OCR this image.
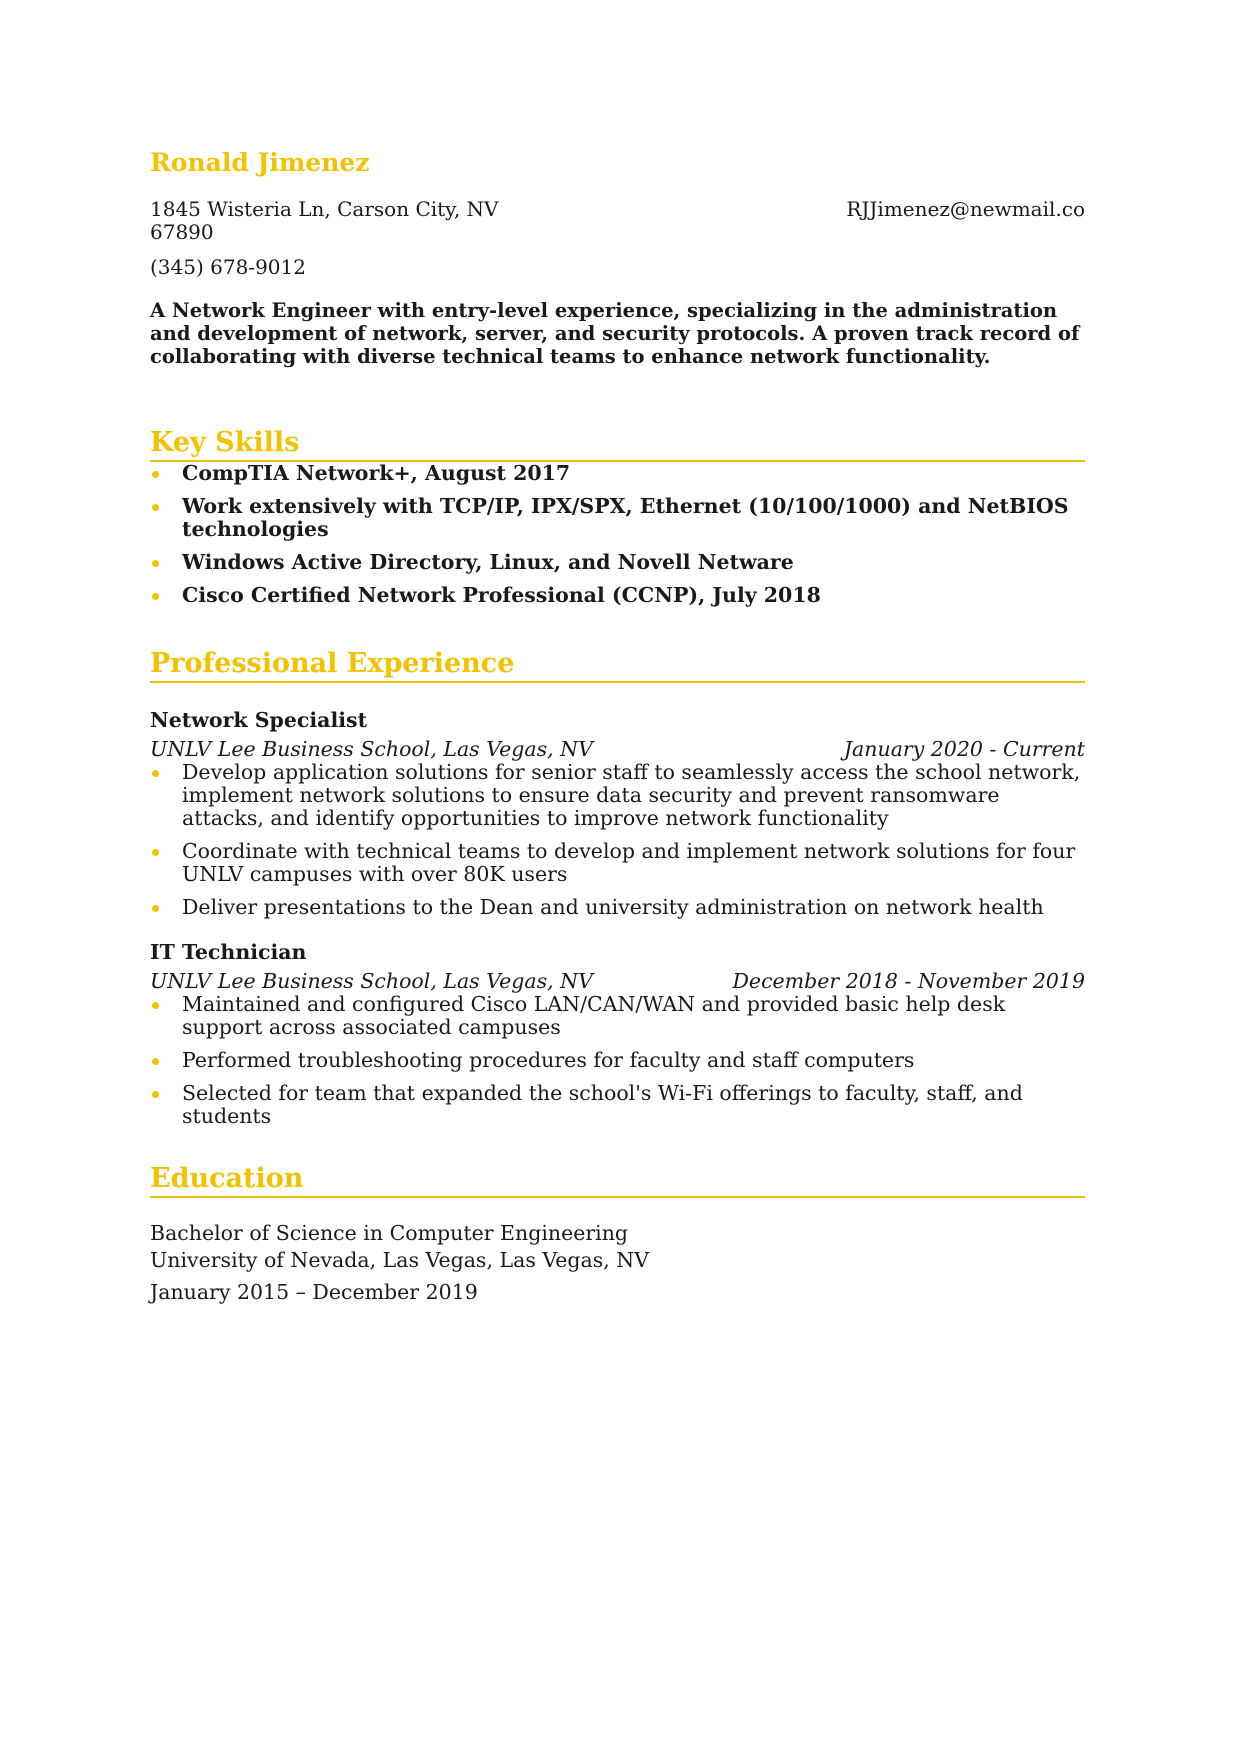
Ronald Jimenez
1845 Wisteria Ln, Carson City, NV 67890
RJJimenez@newmail.co
(345) 678-9012
A Network Engineer with entry-level experience, specializing in the administration and development of network, server, and security protocols. A proven track record of collaborating with diverse technical teams to enhance network functionality.
Key Skills
CompTIA Network+, August 2017
Work extensively with TCP/IP, IPX/SPX, Ethernet (10/100/1000) and NetBIOS technologies
Windows Active Directory, Linux, and Novell Netware
Cisco Certified Network Professional (CCNP), July 2018
Professional Experience
Network Specialist
UNLV Lee Business School, Las Vegas, NV	January 2020 - Current
Develop application solutions for senior staff to seamlessly access the school network, implement network solutions to ensure data security and prevent ransomware attacks, and identify opportunities to improve network functionality
Coordinate with technical teams to develop and implement network solutions for four UNLV campuses with over 80K users
Deliver presentations to the Dean and university administration on network health
IT Technician
UNLV Lee Business School, Las Vegas, NV	December 2018 - November 2019
Maintained and configured Cisco LAN/CAN/WAN and provided basic help desk support across associated campuses
Performed troubleshooting procedures for faculty and staff computers
Selected for team that expanded the school's Wi-Fi offerings to faculty, staff, and students
Education
Bachelor of Science in Computer Engineering
University of Nevada, Las Vegas, Las Vegas, NV
January 2015 – December 2019
